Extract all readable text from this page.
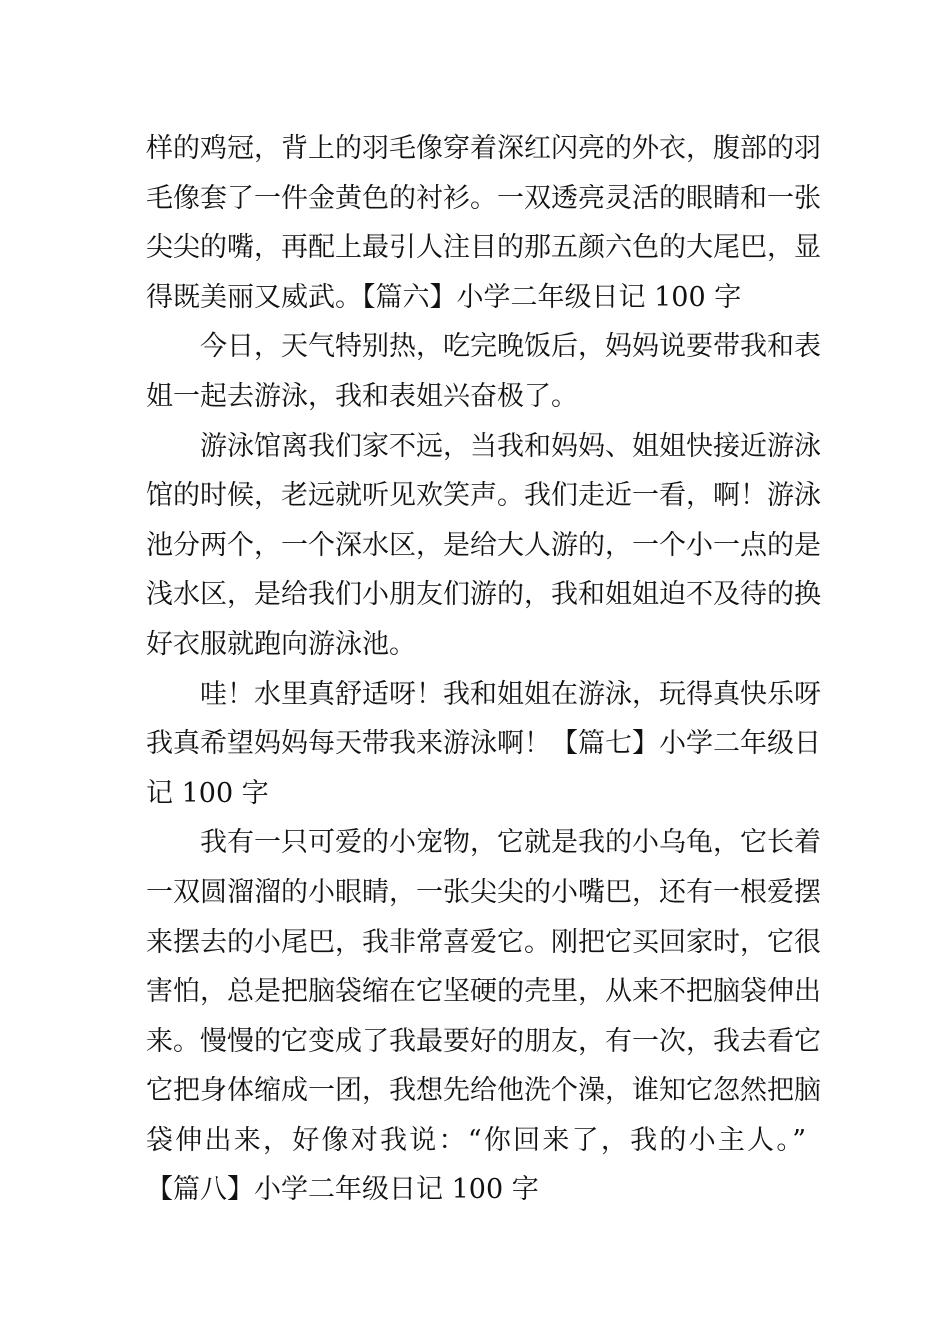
样的鸡冠，背上的羽毛像穿着深红闪亮的外衣，腹部的羽
毛像套了一件金黄色的衬衫。一双透亮灵活的眼睛和一张
尖尖的嘴，再配上最引人注目的那五颜六色的大尾巴，显
得既美丽又威武。【篇六】小学二年级日记 100 字
今日，天气特别热，吃完晚饭后，妈妈说要带我和表
姐一起去游泳，我和表姐兴奋极了。
游泳馆离我们家不远，当我和妈妈、姐姐快接近游泳
馆的时候，老远就听见欢笑声。我们走近一看，啊！游泳
池分两个，一个深水区，是给大人游的，一个小一点的是
浅水区，是给我们小朋友们游的，我和姐姐迫不及待的换
好衣服就跑向游泳池。
哇！水里真舒适呀！我和姐姐在游泳，玩得真快乐呀
我真希望妈妈每天带我来游泳啊！【篇七】小学二年级日
记 100 字
我有一只可爱的小宠物，它就是我的小乌龟，它长着
一双圆溜溜的小眼睛，一张尖尖的小嘴巴，还有一根爱摆
来摆去的小尾巴，我非常喜爱它。刚把它买回家时，它很
害怕，总是把脑袋缩在它坚硬的壳里，从来不把脑袋伸出
来。慢慢的它变成了我最要好的朋友，有一次，我去看它
它把身体缩成一团，我想先给他洗个澡，谁知它忽然把脑
袋伸出来，好像对我说：“你回来了，我的小主人。”
【篇八】小学二年级日记 100 字
